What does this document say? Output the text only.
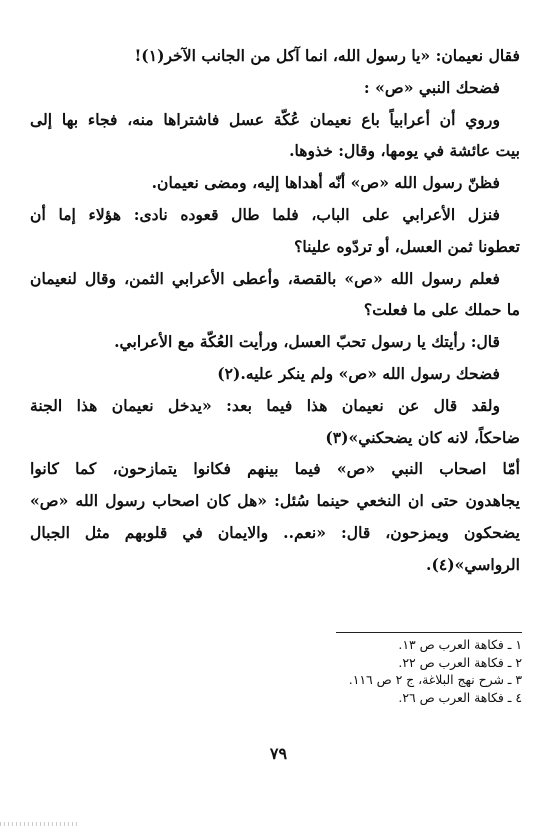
فقال نعيمان: «يا رسول الله، انما آكل من الجانب الآخر(١)!
فضحك النبي «ص» :
وروي أن أعرابياً باع نعيمان عُكّة عسل فاشتراها منه، فجاء بها إلى
بيت عائشة في يومها، وقال: خذوها.
فظنّ رسول الله «ص» أنّه أهداها إليه، ومضى نعيمان.
فنزل الأعرابي على الباب، فلما طال قعوده نادى: هؤلاء إما أن
تعطونا ثمن العسل، أو تردّوه علينا؟
فعلم رسول الله «ص» بالقصة، وأعطى الأعرابي الثمن، وقال لنعيمان
ما حملك على ما فعلت؟
قال: رأيتك يا رسول تحبّ العسل، ورأيت العُكّة مع الأعرابي.
فضحك رسول الله «ص» ولم ينكر عليه.(٢)
ولقد قال عن نعيمان هذا فيما بعد: «يدخل نعيمان هذا الجنة
ضاحكاً، لانه كان يضحكني»(٣)
أمّا اصحاب النبي «ص» فيما بينهم فكانوا يتمازحون، كما كانوا
يجاهدون حتى ان النخعي حينما سُئل: «هل كان اصحاب رسول الله «ص»
يضحكون ويمزحون، قال: «نعم.. والايمان في قلوبهم مثل الجبال
الرواسي»(٤).
١ ـ فكاهة العرب ص ١٣.
٢ ـ فكاهة العرب ص ٢٢.
٣ ـ شرح نهج البلاغة، ج ٢ ص ١١٦.
٤ ـ فكاهة العرب ص ٢٦.
٧٩
